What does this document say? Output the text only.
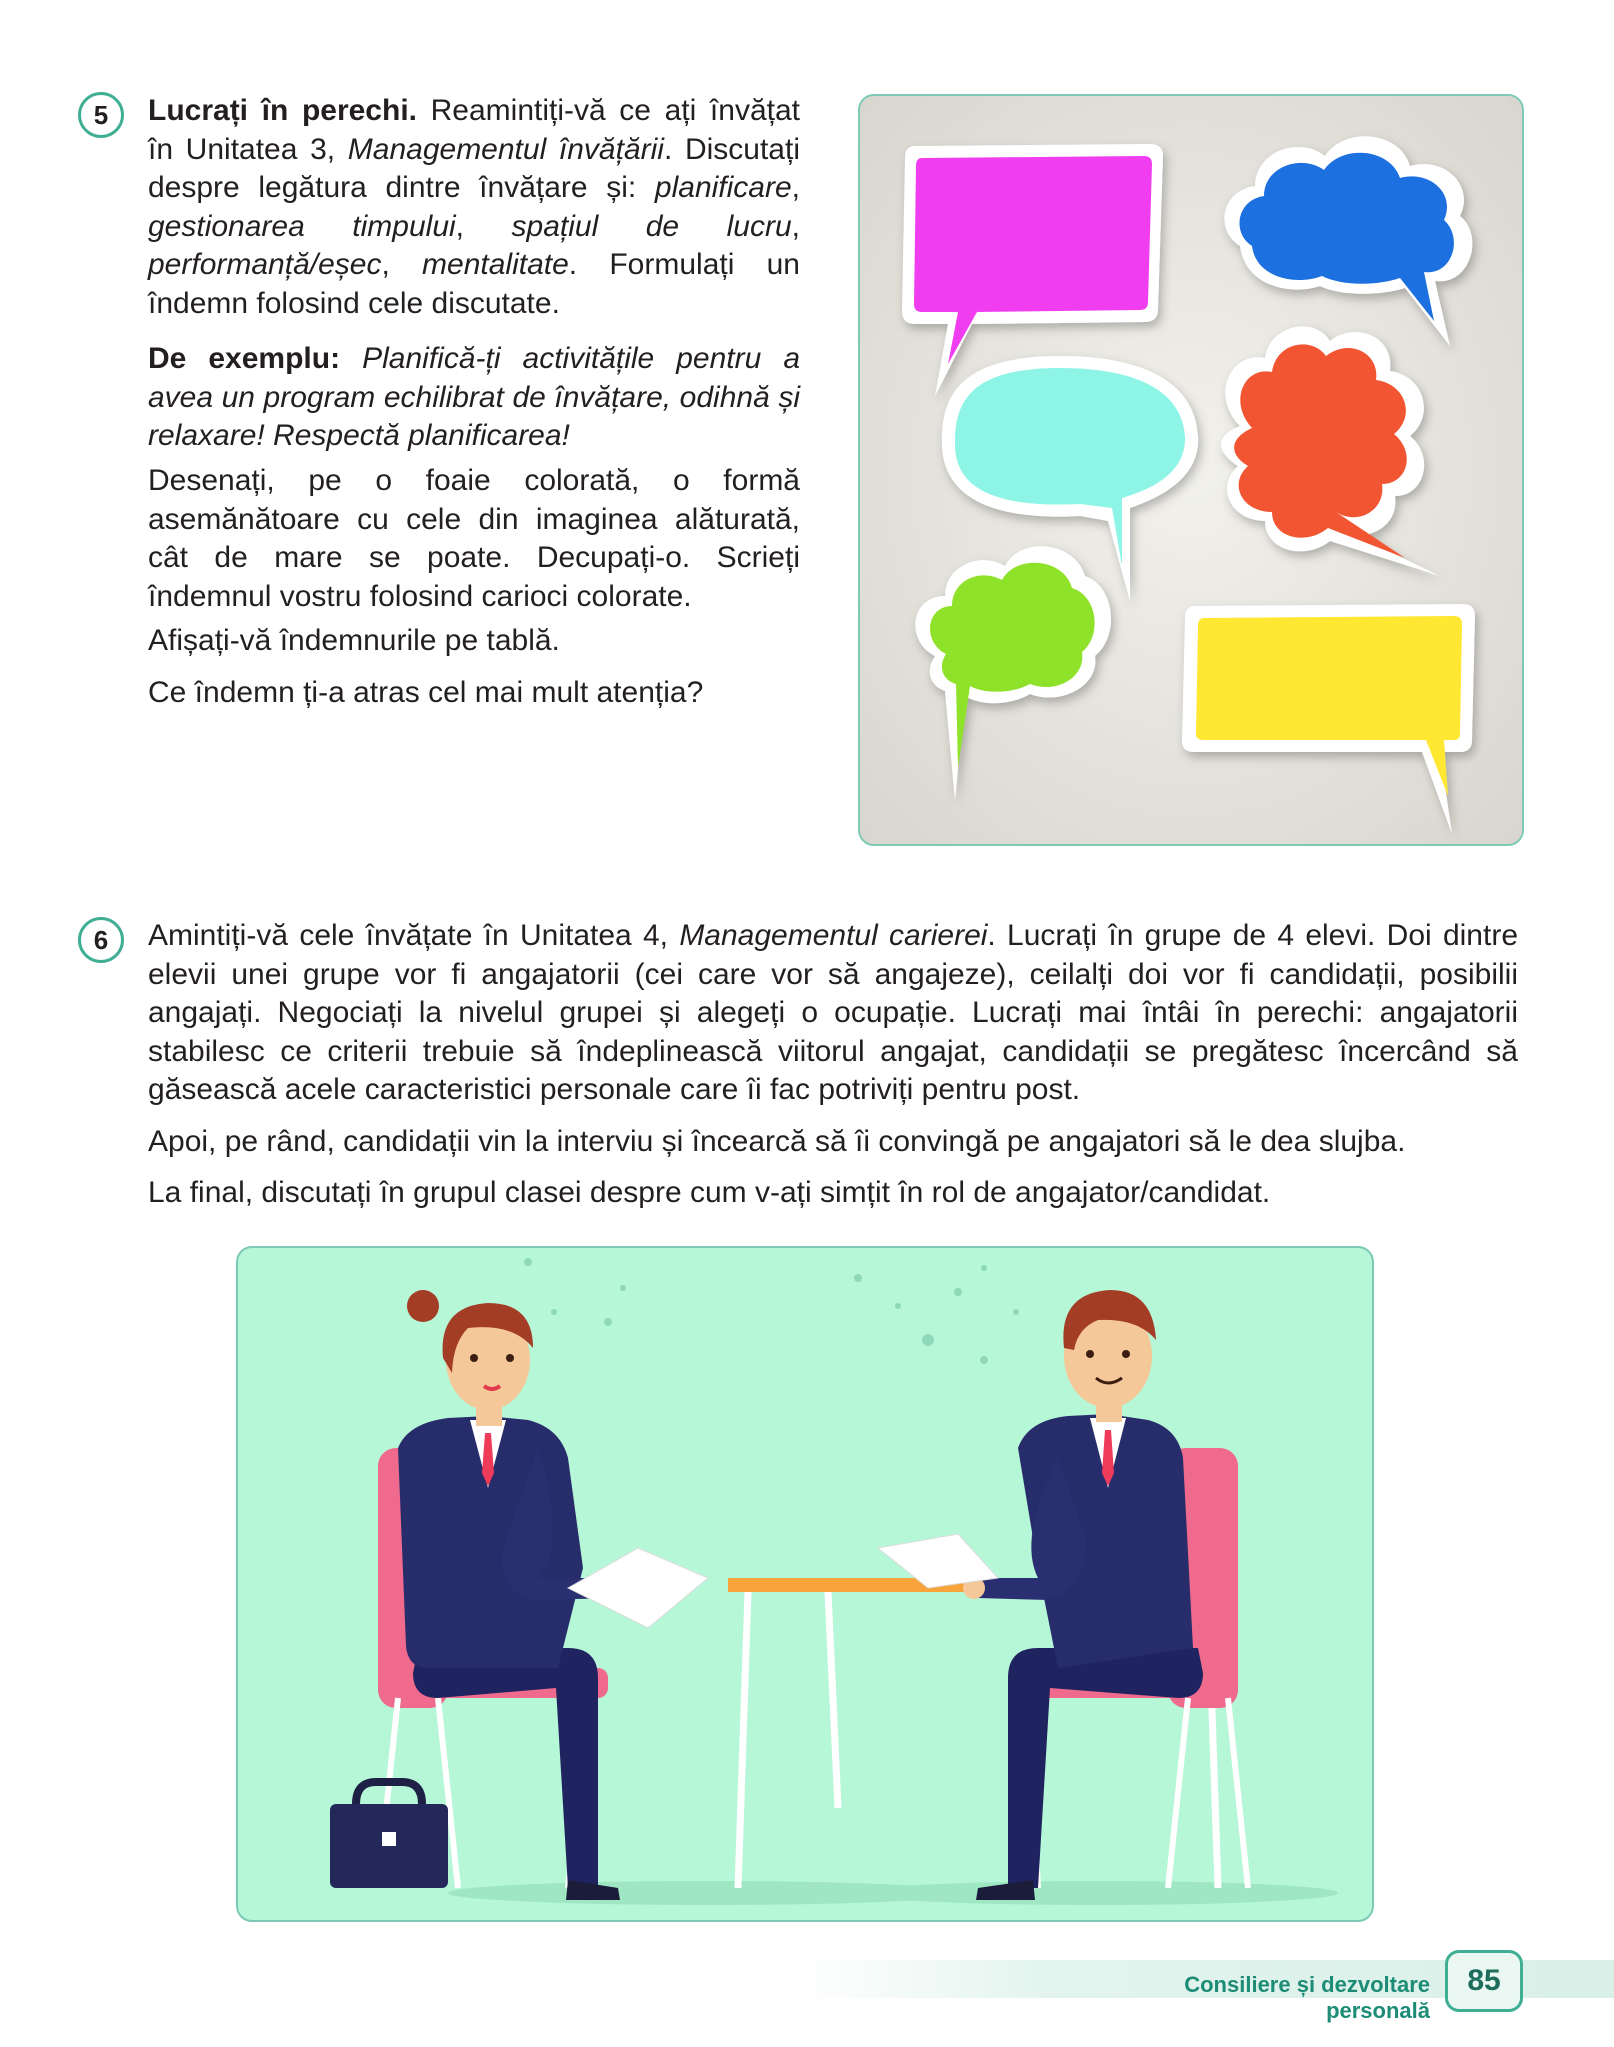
5	Lucrați în perechi. Reamintiți-vă ce ați învățat în Unitatea 3, Managementul învățării. Discutați despre legătura dintre învățare și: planificare, gestionarea timpului, spațiul de lucru, performanță/eșec, mentalitate. Formulați un îndemn folosind cele discutate.
De exemplu: Planifică-ți activitățile pentru a avea un program echilibrat de învățare, odihnă și relaxare! Respectă planificarea!
Desenați, pe o foaie colorată, o formă asemănătoare cu cele din imaginea alăturată, cât de mare se poate. Decupați-o. Scrieți îndemnul vostru folosind carioci colorate.
Afișați-vă îndemnurile pe tablă.
Ce îndemn ți-a atras cel mai mult atenția?
6	Amintiți-vă cele învățate în Unitatea 4, Managementul carierei. Lucrați în grupe de 4 elevi. Doi dintre elevii unei grupe vor fi angajatorii (cei care vor să angajeze), ceilalți doi vor fi candidații, posibilii angajați. Negociați la nivelul grupei și alegeți o ocupație. Lucrați mai întâi în perechi: angajatorii stabilesc ce criterii trebuie să îndeplinească viitorul angajat, candidații se pregătesc încercând să găsească acele caracteristici personale care îi fac potriviți pentru post.
Apoi, pe rând, candidații vin la interviu și încearcă să îi convingă pe angajatori să le dea slujba.
La final, discutați în grupul clasei despre cum v-ați simțit în rol de angajator/candidat.
Consiliere și dezvoltare personală
85
